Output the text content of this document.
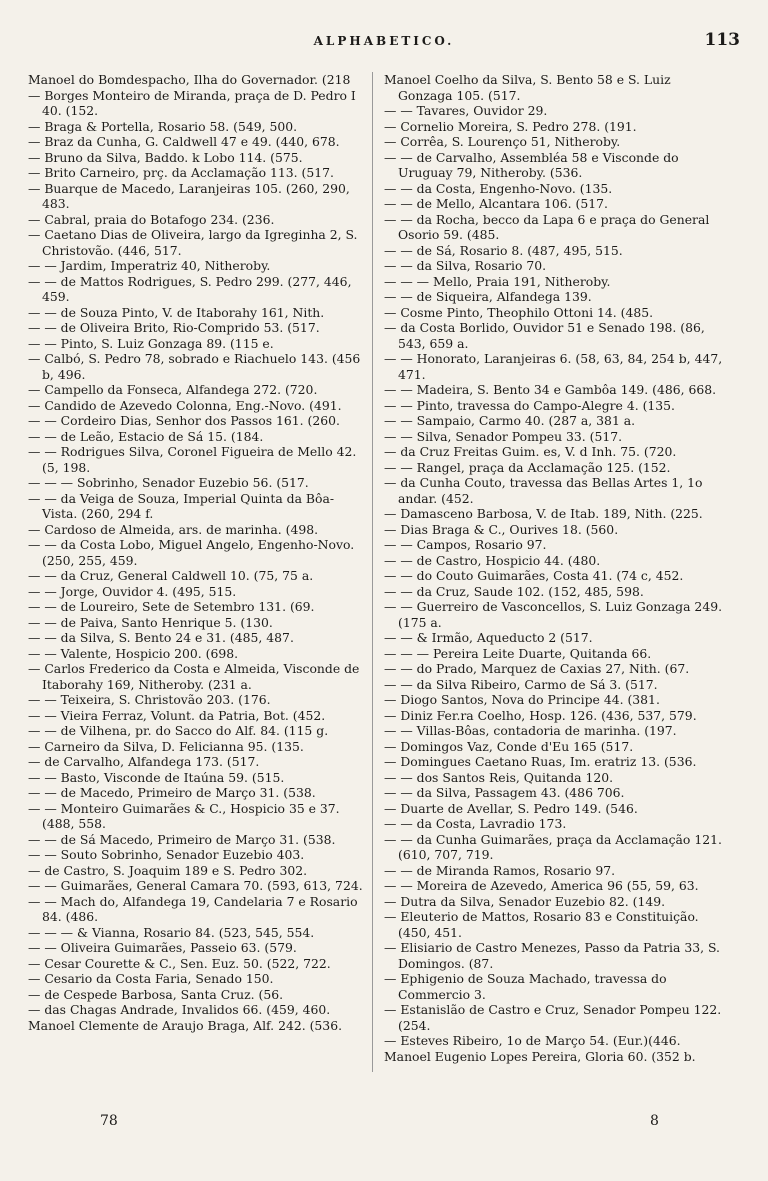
ALPHABETICO.	113

Manoel do Bomdespacho, Ilha do Governador. (218

— Borges Monteiro de Miranda, praça de D. Pedro I 40. (152.

— Braga & Portella, Rosario 58. (549, 500.

— Braz da Cunha, G. Caldwell 47 e 49. (440, 678.

— Bruno da Silva, Baddo. k Lobo 114. (575.

— Brito Carneiro, prç. da Acclamação 113. (517.

— Buarque de Macedo, Laranjeiras 105. (260, 290, 483.

— Cabral, praia do Botafogo 234. (236.

— Caetano Dias de Oliveira, largo da Igreginha 2, S. Christovão. (446, 517.

— — Jardim, Imperatriz 40, Nitheroby.

— — de Mattos Rodrigues, S. Pedro 299. (277, 446, 459.

— — de Souza Pinto, V. de Itaborahy 161, Nith.

— — de Oliveira Brito, Rio-Comprido 53. (517.

— — Pinto, S. Luiz Gonzaga 89. (115 e.

— Calbó, S. Pedro 78, sobrado e Riachuelo 143. (456 b, 496.

— Campello da Fonseca, Alfandega 272. (720.

— Candido de Azevedo Colonna, Eng.-Novo. (491.

— — Cordeiro Dias, Senhor dos Passos 161. (260.

— — de Leão, Estacio de Sá 15. (184.

— — Rodrigues Silva, Coronel Figueira de Mello 42. (5, 198.

— — — Sobrinho, Senador Euzebio 56. (517.

— — da Veiga de Souza, Imperial Quinta da Bôa-Vista. (260, 294 f.

— Cardoso de Almeida, ars. de marinha. (498.

— — da Costa Lobo, Miguel Angelo, Engenho-Novo. (250, 255, 459.

— — da Cruz, General Caldwell 10. (75, 75 a.

— — Jorge, Ouvidor 4. (495, 515.

— — de Loureiro, Sete de Setembro 131. (69.

— — de Paiva, Santo Henrique 5. (130.

— — da Silva, S. Bento 24 e 31. (485, 487.

— — Valente, Hospicio 200. (698.

— Carlos Frederico da Costa e Almeida, Visconde de Itaborahy 169, Nitheroby. (231 a.

— — Teixeira, S. Christovão 203. (176.

— — Vieira Ferraz, Volunt. da Patria, Bot. (452.

— — de Vilhena, pr. do Sacco do Alf. 84. (115 g.

— Carneiro da Silva, D. Felicianna 95. (135.

— de Carvalho, Alfandega 173. (517.

— — Basto, Visconde de Itaúna 59. (515.

— — de Macedo, Primeiro de Março 31. (538.

— — Monteiro Guimarães & C., Hospicio 35 e 37. (488, 558.

— — de Sá Macedo, Primeiro de Março 31. (538.

— — Souto Sobrinho, Senador Euzebio 403.

— de Castro, S. Joaquim 189 e S. Pedro 302.

— — Guimarães, General Camara 70. (593, 613, 724.

— — Mach do, Alfandega 19, Candelaria 7 e Rosario 84. (486.

— — — & Vianna, Rosario 84. (523, 545, 554.

— — Oliveira Guimarães, Passeio 63. (579.

— Cesar Courette & C., Sen. Euz. 50. (522, 722.

— Cesario da Costa Faria, Senado 150.

— de Cespede Barbosa, Santa Cruz. (56.

— das Chagas Andrade, Invalidos 66. (459, 460.

Manoel Clemente de Araujo Braga, Alf. 242. (536.

Manoel Coelho da Silva, S. Bento 58 e S. Luiz Gonzaga 105. (517.

— — Tavares, Ouvidor 29.

— Cornelio Moreira, S. Pedro 278. (191.

— Corrêa, S. Lourenço 51, Nitheroby.

— — de Carvalho, Assembléa 58 e Visconde do Uruguay 79, Nitheroby. (536.

— — da Costa, Engenho-Novo. (135.

— — de Mello, Alcantara 106. (517.

— — da Rocha, becco da Lapa 6 e praça do General Osorio 59. (485.

— — de Sá, Rosario 8. (487, 495, 515.

— — da Silva, Rosario 70.

— — — Mello, Praia 191, Nitheroby.

— — de Siqueira, Alfandega 139.

— Cosme Pinto, Theophilo Ottoni 14. (485.

— da Costa Borlido, Ouvidor 51 e Senado 198. (86, 543, 659 a.

— — Honorato, Laranjeiras 6. (58, 63, 84, 254 b, 447, 471.

— — Madeira, S. Bento 34 e Gambôa 149. (486, 668.

— — Pinto, travessa do Campo-Alegre 4. (135.

— — Sampaio, Carmo 40. (287 a, 381 a.

— — Silva, Senador Pompeu 33. (517.

— da Cruz Freitas Guim. es, V. d Inh. 75. (720.

— — Rangel, praça da Acclamação 125. (152.

— da Cunha Couto, travessa das Bellas Artes 1, 1o andar. (452.

— Damasceno Barbosa, V. de Itab. 189, Nith. (225.

— Dias Braga & C., Ourives 18. (560.

— — Campos, Rosario 97.

— — de Castro, Hospicio 44. (480.

— — do Couto Guimarães, Costa 41. (74 c, 452.

— — da Cruz, Saude 102. (152, 485, 598.

— — Guerreiro de Vasconcellos, S. Luiz Gonzaga 249. (175 a.

— — & Irmão, Aqueducto 2 (517.

— — — Pereira Leite Duarte, Quitanda 66.

— — do Prado, Marquez de Caxias 27, Nith. (67.

— — da Silva Ribeiro, Carmo de Sá 3. (517.

— Diogo Santos, Nova do Principe 44. (381.

— Diniz Fer.ra Coelho, Hosp. 126. (436, 537, 579.

— — Villas-Bôas, contadoria de marinha. (197.

— Domingos Vaz, Conde d'Eu 165 (517.

— Domingues Caetano Ruas, Im. eratriz 13. (536.

— — dos Santos Reis, Quitanda 120.

— — da Silva, Passagem 43. (486 706.

— Duarte de Avellar, S. Pedro 149. (546.

— — da Costa, Lavradio 173.

— — da Cunha Guimarães, praça da Acclamação 121. (610, 707, 719.

— — de Miranda Ramos, Rosario 97.

— — Moreira de Azevedo, America 96 (55, 59, 63.

— Dutra da Silva, Senador Euzebio 82. (149.

— Eleuterio de Mattos, Rosario 83 e Constituição. (450, 451.

— Elisiario de Castro Menezes, Passo da Patria 33, S. Domingos. (87.

— Ephigenio de Souza Machado, travessa do Commercio 3.

— Estanislão de Castro e Cruz, Senador Pompeu 122. (254.

— Esteves Ribeiro, 1o de Março 54. (Eur.)(446.

Manoel Eugenio Lopes Pereira, Gloria 60. (352 b.

78	8
